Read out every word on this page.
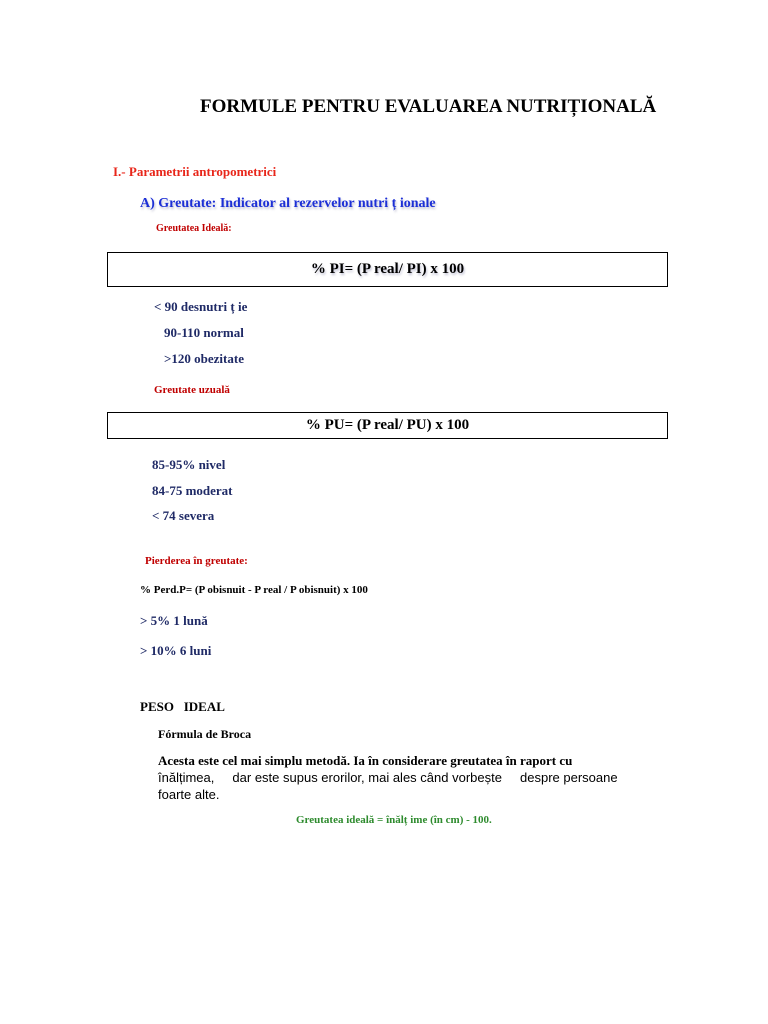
FORMULE PENTRU EVALUAREA NUTRIȚIONALĂ
I.- Parametrii antropometrici
A) Greutate: Indicator al rezervelor nutri ț ionale
Greutatea Ideală:
% PI= (P real/ PI) x 100
< 90 desnutri ț ie
90-110 normal
>120 obezitate
Greutate uzuală
% PU= (P real/ PU) x 100
85-95% nivel
84-75 moderat
< 74 severa
Pierderea în greutate:
% Perd.P= (P obisnuit - P real / P obisnuit) x 100
> 5% 1 lună
> 10% 6 luni
PESO   IDEAL
Fórmula de Broca
Acesta este cel mai simplu metodă. Ia în considerare greutatea în raport cu
înălțimea,     dar este supus erorilor, mai ales când vorbește     despre persoane foarte alte.
Greutatea ideală = înălț ime (în cm) - 100.
